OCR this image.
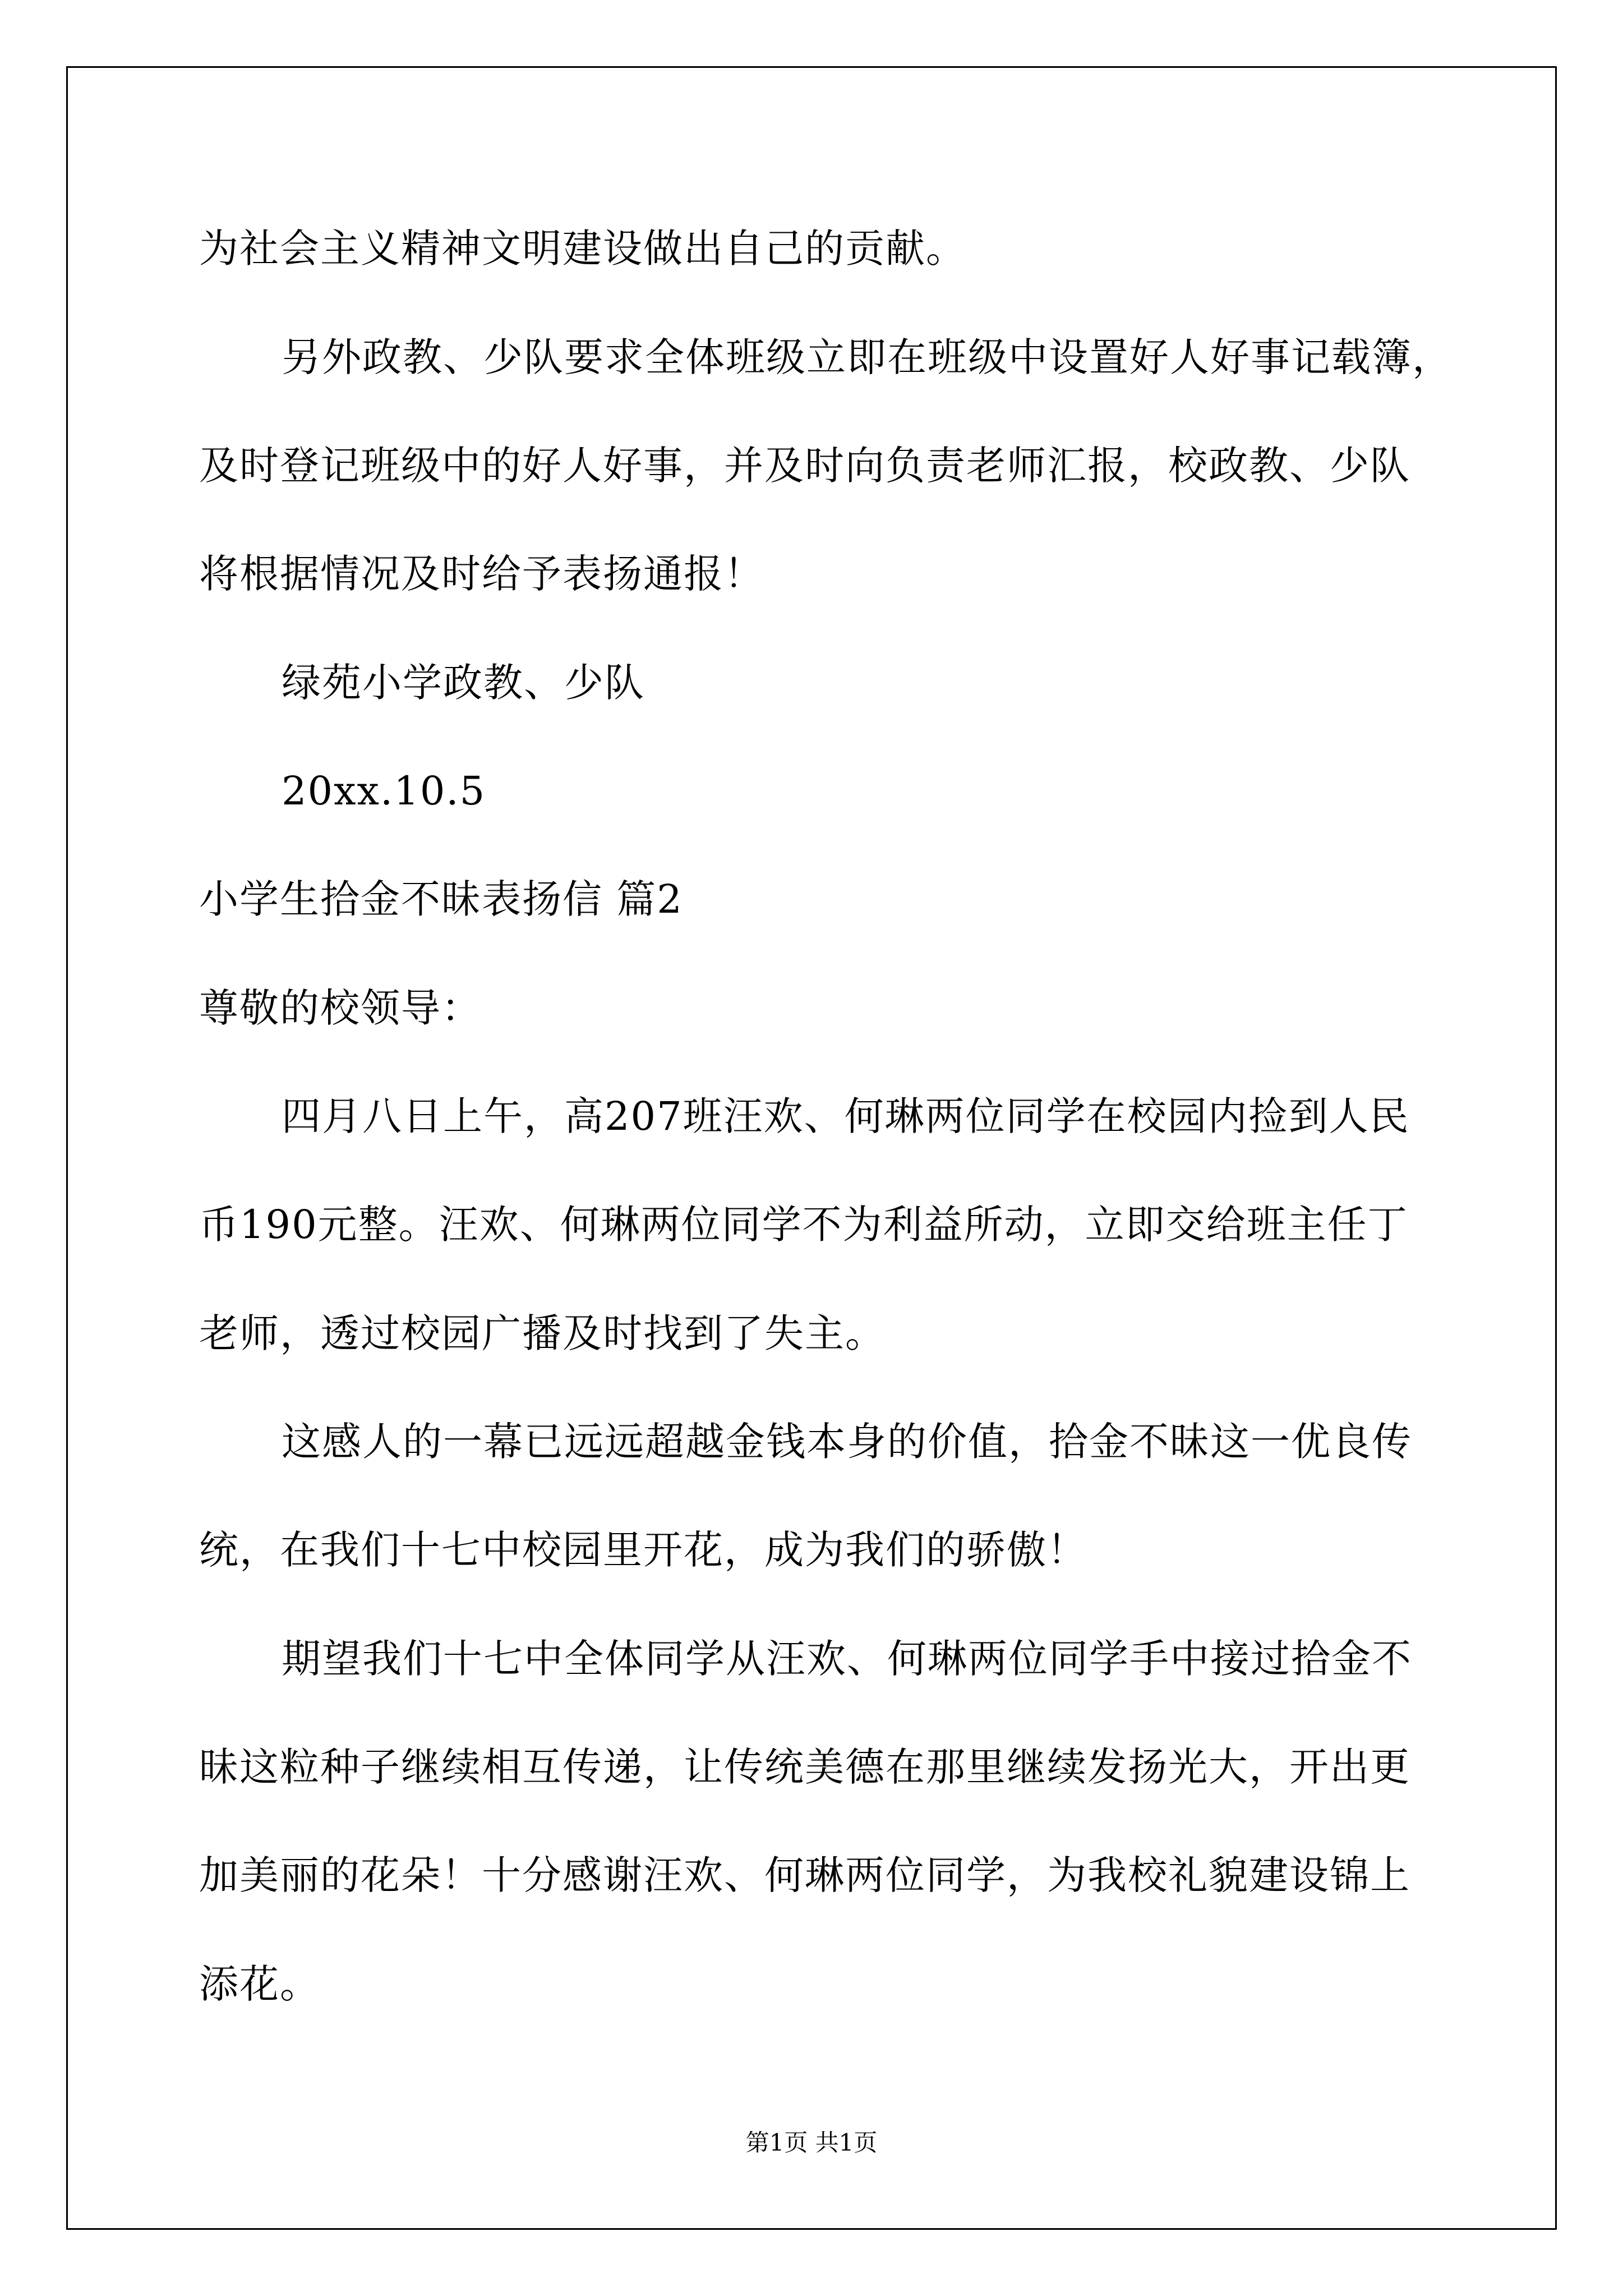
为社会主义精神文明建设做出自己的贡献。
另外政教、少队要求全体班级立即在班级中设置好人好事记载簿，
及时登记班级中的好人好事，并及时向负责老师汇报，校政教、少队
将根据情况及时给予表扬通报！
绿苑小学政教、少队
20xx.10.5
小学生拾金不昧表扬信 篇2
尊敬的校领导：
四月八日上午，高207班汪欢、何琳两位同学在校园内捡到人民
币190元整。汪欢、何琳两位同学不为利益所动，立即交给班主任丁
老师，透过校园广播及时找到了失主。
这感人的一幕已远远超越金钱本身的价值，拾金不昧这一优良传
统，在我们十七中校园里开花，成为我们的骄傲！
期望我们十七中全体同学从汪欢、何琳两位同学手中接过拾金不
昧这粒种子继续相互传递，让传统美德在那里继续发扬光大，开出更
加美丽的花朵！十分感谢汪欢、何琳两位同学，为我校礼貌建设锦上
添花。
第1页 共1页
